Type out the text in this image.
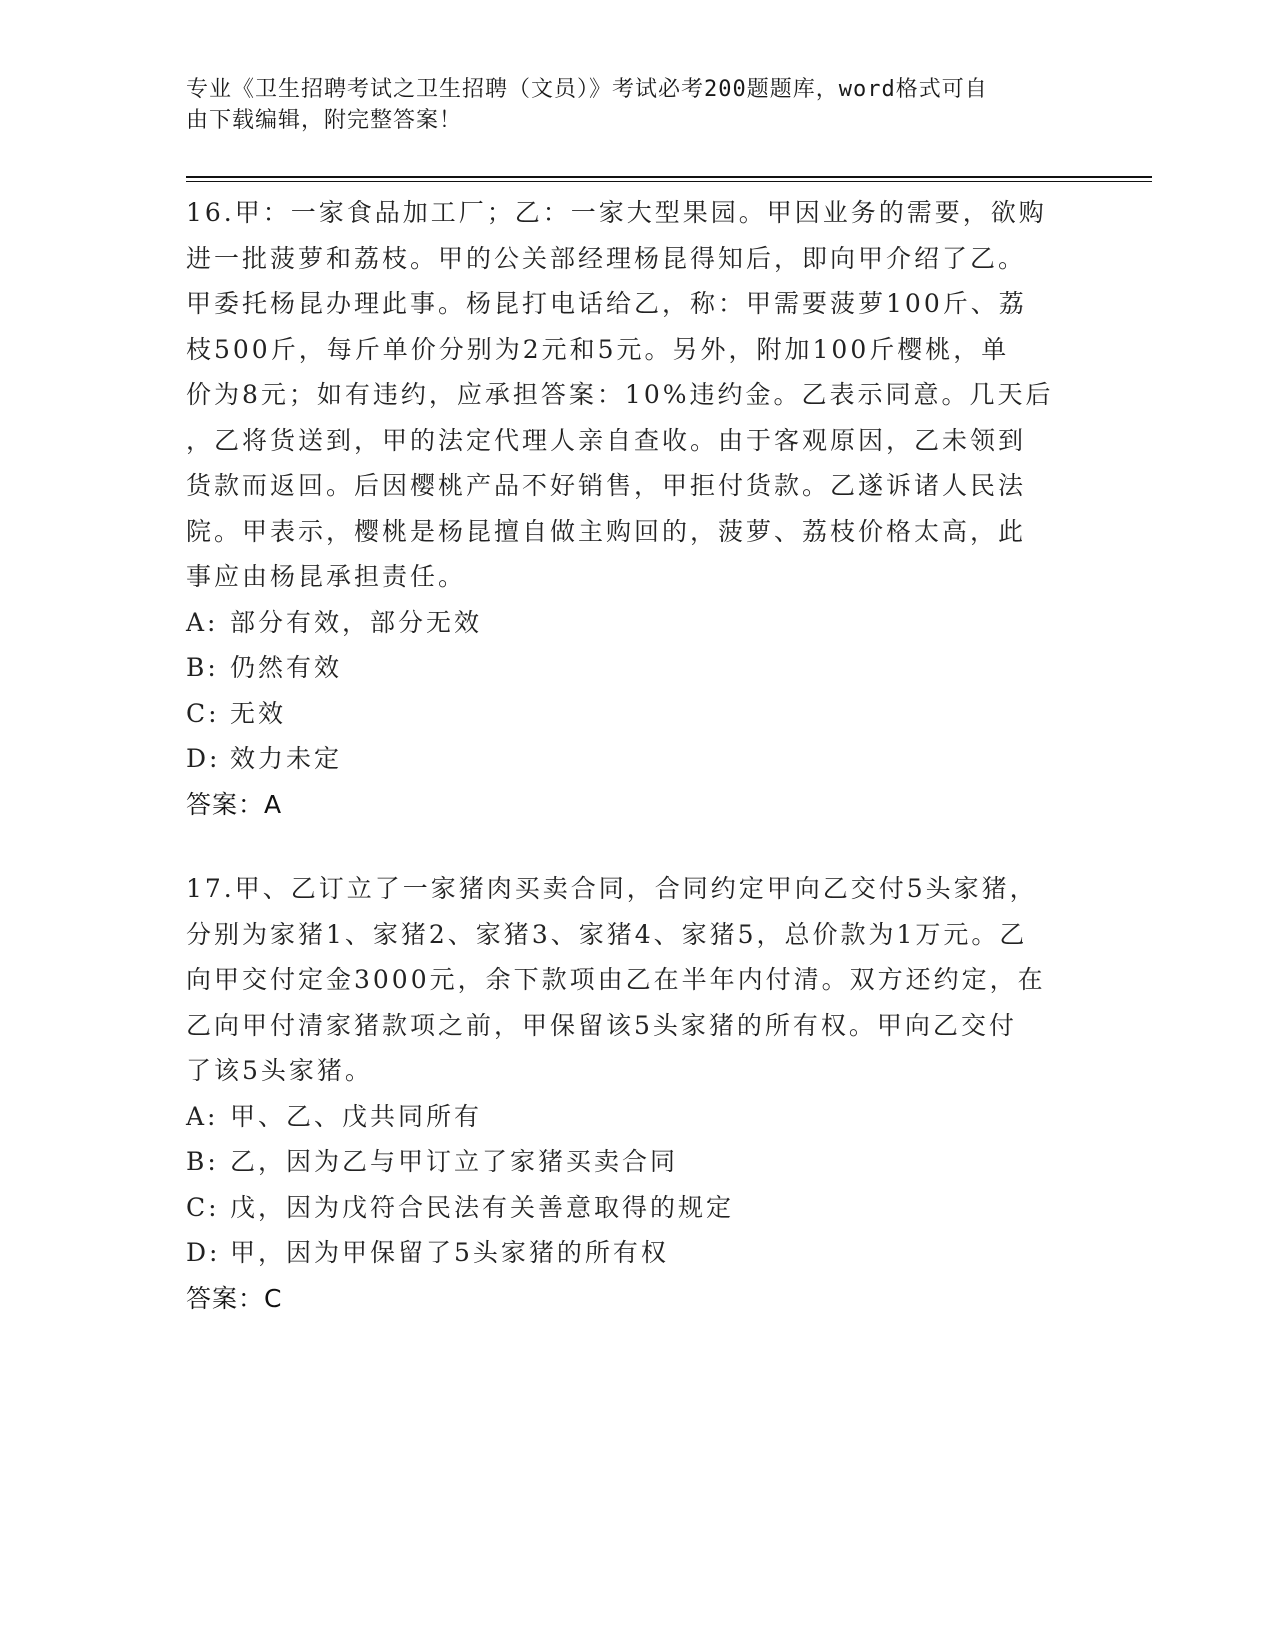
专业《卫生招聘考试之卫生招聘（文员）》考试必考200题题库，word格式可自
由下载编辑，附完整答案！
16.甲：一家食品加工厂；乙：一家大型果园。甲因业务的需要，欲购
进一批菠萝和荔枝。甲的公关部经理杨昆得知后，即向甲介绍了乙。
甲委托杨昆办理此事。杨昆打电话给乙，称：甲需要菠萝100斤、荔
枝500斤，每斤单价分别为2元和5元。另外，附加100斤樱桃，单
价为8元；如有违约，应承担答案：10%违约金。乙表示同意。几天后
，乙将货送到，甲的法定代理人亲自查收。由于客观原因，乙未领到
货款而返回。后因樱桃产品不好销售，甲拒付货款。乙遂诉诸人民法
院。甲表示，樱桃是杨昆擅自做主购回的，菠萝、荔枝价格太高，此
事应由杨昆承担责任。
A: 部分有效，部分无效
B: 仍然有效
C: 无效
D: 效力未定
答案：A
17.甲、乙订立了一家猪肉买卖合同，合同约定甲向乙交付5头家猪，
分别为家猪1、家猪2、家猪3、家猪4、家猪5，总价款为1万元。乙
向甲交付定金3000元，余下款项由乙在半年内付清。双方还约定，在
乙向甲付清家猪款项之前，甲保留该5头家猪的所有权。甲向乙交付
了该5头家猪。
A: 甲、乙、戊共同所有
B: 乙，因为乙与甲订立了家猪买卖合同
C: 戊，因为戊符合民法有关善意取得的规定
D: 甲，因为甲保留了5头家猪的所有权
答案：C
